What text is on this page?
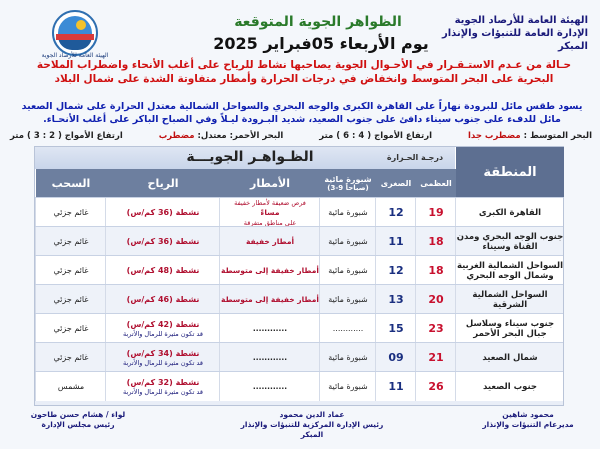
الهيئة العامة للأرصاد الجوية
الظواهر الجوية المتوقعة
يوم الأربعاء 05فبراير 2025
الهيئة العامة للأرصاد الجوية
الإدارة العامة للتنبؤات والإنذار المبكر
حـالة من عـدم الاستـقـرار في الأحـوال الجوية يصاحبها نشاط للرياح على أغلب الأنحاء واضطراب الملاحة البحرية على البحر المتوسط وانخفاض في درجات الحرارة وأمطار متفاوتة الشدة على شمال البلاد
يسود طقس مائل للبرودة نهاراً على القاهرة الكبرى والوجه البحري والسواحل الشمالية معتدل الحرارة على شمال الصعيد مائل للدفء على جنوب سيناء دافئ على جنوب الصعيد، شديد البـرودة ليـلاً وفي الصباح الباكر على أغلب الأنحـاء.
البحر المتوسط : مضطرب جدا
ارتفاع الأمواج ( 4 : 6 ) متر
البحر الأحمر: معتدل: مضطرب
ارتفاع الأمواج ( 2 : 3 ) متر
الظـواهـر الجويـــة	درجـة الحـرارة
المنطقة
العظمى
الصغرى
شبورة مائية
(3-9 صباحاً)
الأمطار
الرياح
السحب
القاهرة الكبرى
19
12
شبورة مائية
فرص ضعيفة لأمطار خفيفة
مساءً
على مناطق متفرقة
نشطة (36 كم/س)
غائم جزئي
جنوب الوجه البحري ومدن القناة وسيناء
18
11
شبورة مائية
أمطار خفيفة
نشطة (36 كم/س)
غائم جزئي
السواحل الشمالية الغربية وشمال الوجه البحري
18
12
شبورة مائية
أمطار خفيفة إلى متوسطة
نشطة (48 كم/س)
غائم جزئي
السواحل الشمالية الشرقية
20
13
شبورة مائية
أمطار خفيفة إلى متوسطة
نشطة (46 كم/س)
غائم جزئي
جنوب سيناء وسلاسل جبال البحر الأحمر
23
15
............
............
نشطة (42 كم/س)
قد تكون مثيرة للرمال والأتربة
غائم جزئي
شمال الصعيد
21
09
شبورة مائية
............
نشطة (34 كم/س)
قد تكون مثيرة للرمال والأتربة
غائم جزئي
جنوب الصعيد
26
11
شبورة مائية
............
نشطة (32 كم/س)
قد تكون مثيرة للرمال والأتربة
مشمس
محمود شاهين
مديرعام التنبؤات والإنذار
عماد الدين محمود
رئيس الإدارة المركزية للتنبؤات والإنذار المبكر
لواء / هشام حسن طاحون
رئيس مجلس الإدارة
